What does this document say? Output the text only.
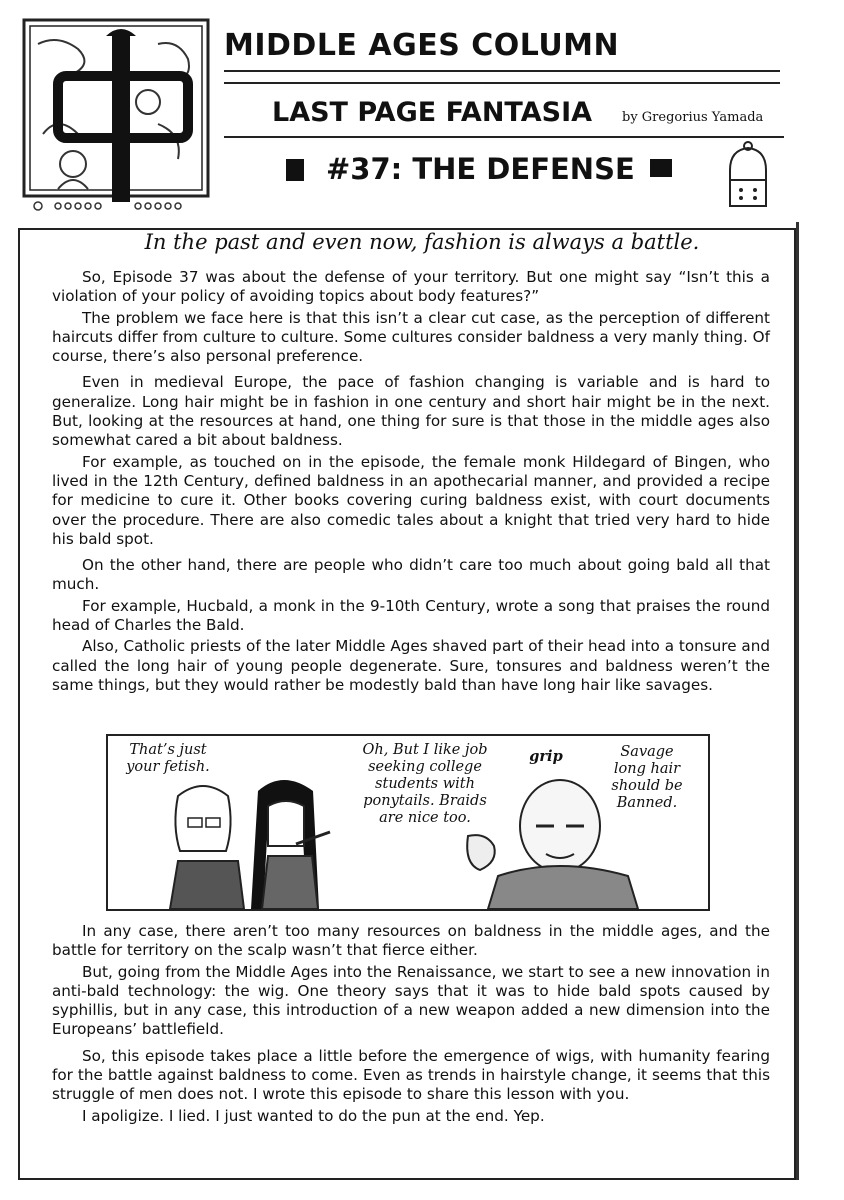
MIDDLE AGES COLUMN
LAST PAGE FANTASIA by Gregorius Yamada
#37: THE DEFENSE
In the past and even now, fashion is always a battle.

So, Episode 37 was about the defense of your territory. But one might say “Isn’t this a violation of your policy of avoiding topics about body features?”

The problem we face here is that this isn’t a clear cut case, as the perception of different haircuts differ from culture to culture. Some cultures consider baldness a very manly thing. Of course, there’s also personal preference.

Even in medieval Europe, the pace of fashion changing is variable and is hard to generalize. Long hair might be in fashion in one century and short hair might be in the next. But, looking at the resources at hand, one thing for sure is that those in the middle ages also somewhat cared a bit about baldness.

For example, as touched on in the episode, the female monk Hildegard of Bingen, who lived in the 12th Century, defined baldness in an apothecarial manner, and provided a recipe for medicine to cure it. Other books covering curing baldness exist, with court documents over the procedure. There are also comedic tales about a knight that tried very hard to hide his bald spot.

On the other hand, there are people who didn’t care too much about going bald all that much.

For example, Hucbald, a monk in the 9-10th Century, wrote a song that praises the round head of Charles the Bald.

Also, Catholic priests of the later Middle Ages shaved part of their head into a tonsure and called the long hair of young people degenerate. Sure, tonsures and baldness weren’t the same things, but they would rather be modestly bald than have long hair like savages.

That’s just your fetish.
Oh, But I like job seeking college students with ponytails. Braids are nice too.
grip	Savage long hair should be Banned.

In any case, there aren’t too many resources on baldness in the middle ages, and the battle for territory on the scalp wasn’t that fierce either.

But, going from the Middle Ages into the Renaissance, we start to see a new innovation in anti-bald technology: the wig. One theory says that it was to hide bald spots caused by syphillis, but in any case, this introduction of a new weapon added a new dimension into the Europeans’ battlefield.

So, this episode takes place a little before the emergence of wigs, with humanity fearing for the battle against baldness to come. Even as trends in hairstyle change, it seems that this struggle of men does not. I wrote this episode to share this lesson with you.

I apoligize. I lied. I just wanted to do the pun at the end. Yep.
